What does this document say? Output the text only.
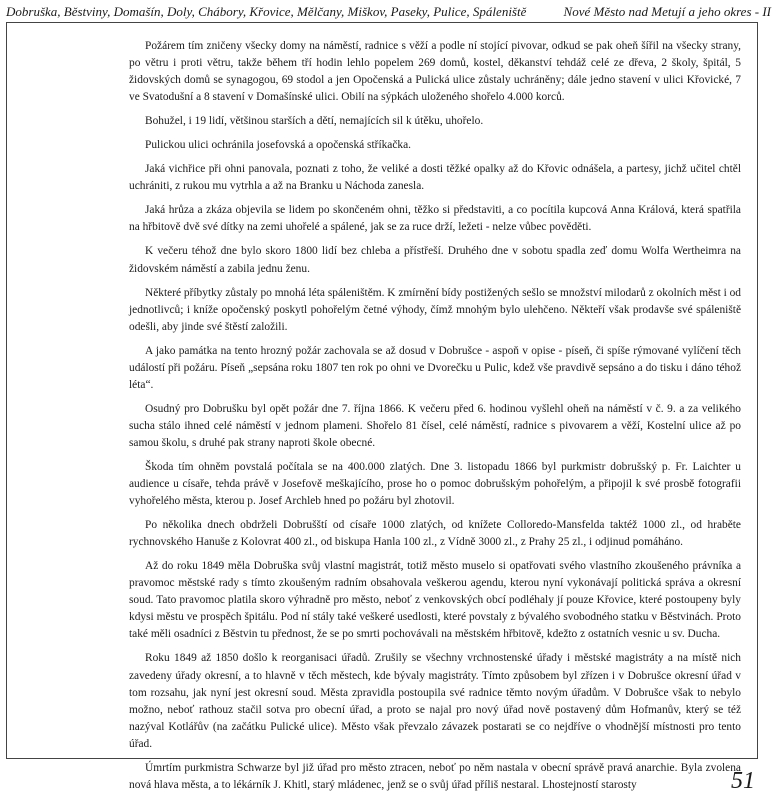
Dobruška, Běstviny, Domašín, Doly, Chábory, Křovice, Mělčany, Miškov, Paseky, Pulice, Spáleniště	Nové Město nad Metují a jeho okres - II

Požárem tím zničeny všecky domy na náměstí, radnice s věží a podle ní stojící pivovar, odkud se pak oheň šířil na všecky strany, po větru i proti větru, takže během tří hodin lehlo popelem 269 domů, kostel, děkanství tehdáž celé ze dřeva, 2 školy, špitál, 5 židovských domů se synagogou, 69 stodol a jen Opočenská a Pulická ulice zůstaly uchráněny; dále jedno stavení v ulici Křovické, 7 ve Svatodušní a 8 stavení v Domašínské ulici. Obilí na sýpkách uloženého shořelo 4.000 korců.

Bohužel, i 19 lidí, většinou starších a dětí, nemajících sil k útěku, uhořelo.

Pulickou ulici ochránila josefovská a opočenská stříkačka.

Jaká vichřice při ohni panovala, poznati z toho, že veliké a dosti těžké opalky až do Křovic odnášela, a partesy, jichž učitel chtěl uchrániti, z rukou mu vytrhla a až na Branku u Náchoda zanesla.

Jaká hrůza a zkáza objevila se lidem po skončeném ohni, těžko si představiti, a co pocítila kupcová Anna Králová, která spatřila na hřbitově dvě své dítky na zemi uhořelé a spálené, jak se za ruce drží, ležeti - nelze vůbec pověděti.

K večeru téhož dne bylo skoro 1800 lidí bez chleba a přístřeší. Druhého dne v sobotu spadla zeď domu Wolfa Wertheimra na židovském náměstí a zabila jednu ženu.

Některé příbytky zůstaly po mnohá léta spáleništěm. K zmírnění bídy postižených sešlo se množství milodarů z okolních měst i od jednotlivců; i kníže opočenský poskytl pohořelým četné výhody, čímž mnohým bylo ulehčeno. Někteří však prodavše své spáleniště odešli, aby jinde své štěstí založili.

A jako památka na tento hrozný požár zachovala se až dosud v Dobrušce - aspoň v opise - píseň, či spíše rýmované vylíčení těch událostí při požáru. Píseň „sepsána roku 1807 ten rok po ohni ve Dvorečku u Pulic, kdež vše pravdivě sepsáno a do tisku i dáno téhož léta“.

Osudný pro Dobrušku byl opět požár dne 7. října 1866. K večeru před 6. hodinou vyšlehl oheň na náměstí v č. 9. a za velikého sucha stálo ihned celé náměstí v jednom plameni. Shořelo 81 čísel, celé náměstí, radnice s pivovarem a věží, Kostelní ulice až po samou školu, s druhé pak strany naproti škole obecné.

Škoda tím ohněm povstalá počítala se na 400.000 zlatých. Dne 3. listopadu 1866 byl purkmistr dobrušský p. Fr. Laichter u audience u císaře, tehda právě v Josefově meškajícího, prose ho o pomoc dobrušským pohořelým, a připojil k své prosbě fotografii vyhořelého města, kterou p. Josef Archleb hned po požáru byl zhotovil.

Po několika dnech obdrželi Dobrušští od císaře 1000 zlatých, od knížete Colloredo-Mansfelda taktéž 1000 zl., od hraběte rychnovského Hanuše z Kolovrat 400 zl., od biskupa Hanla 100 zl., z Vídně 3000 zl., z Prahy 25 zl., i odjinud pomáháno.

Až do roku 1849 měla Dobruška svůj vlastní magistrát, totiž město muselo si opatřovati svého vlastního zkoušeného právníka a pravomoc městské rady s tímto zkoušeným radním obsahovala veškerou agendu, kterou nyní vykonávají politická správa a okresní soud. Tato pravomoc platila skoro výhradně pro město, neboť z venkovských obcí podléhaly jí pouze Křovice, které postoupeny byly kdysi městu ve prospěch špitálu. Pod ní stály také veškeré usedlosti, které povstaly z bývalého svobodného statku v Běstvinách. Proto také měli osadníci z Běstvin tu přednost, že se po smrti pochovávali na městském hřbitově, kdežto z ostatních vesnic u sv. Ducha.

Roku 1849 až 1850 došlo k reorganisaci úřadů. Zrušily se všechny vrchnostenské úřady i městské magistráty a na místě nich zavedeny úřady okresní, a to hlavně v těch městech, kde bývaly magistráty. Tímto způsobem byl zřízen i v Dobrušce okresní úřad v tom rozsahu, jak nyní jest okresní soud. Města zpravidla postoupila své radnice těmto novým úřadům. V Dobrušce však to nebylo možno, neboť rathouz stačil sotva pro obecní úřad, a proto se najal pro nový úřad nově postavený dům Hofmanův, který se též nazýval Kotlářův (na začátku Pulické ulice). Město však převzalo závazek postarati se co nejdříve o vhodnější místnosti pro tento úřad.

Úmrtím purkmistra Schwarze byl již úřad pro město ztracen, neboť po něm nastala v obecní správě pravá anarchie. Byla zvolena nová hlava města, a to lékárník J. Khitl, starý mládenec, jenž se o svůj úřad příliš nestaral. Lhostejností starosty	51
